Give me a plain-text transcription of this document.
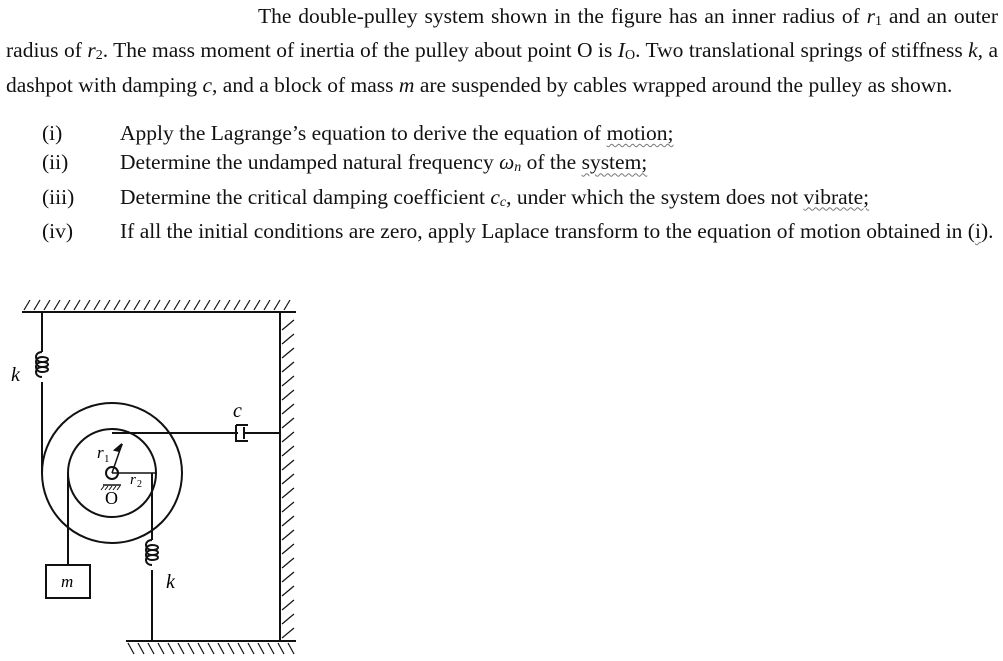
The double-pulley system shown in the figure has an inner radius of $r_1$ and an outer radius of $r_2$. The mass moment of inertia of the pulley about point O is $I_O$. Two translational springs of stiffness k, a dashpot with damping c, and a block of mass m are suspended by cables wrapped around the pulley as shown.
(i)	Apply the Lagrange’s equation to derive the equation of motion;
(ii)	Determine the undamped natural frequency $\omega_n$ of the system;
(iii)	Determine the critical damping coefficient $c_c$, under which the system does not vibrate;
(iv)	If all the initial conditions are zero, apply Laplace transform to the equation of motion obtained in (i).
k
k
c
m
r 1
r 2
O
